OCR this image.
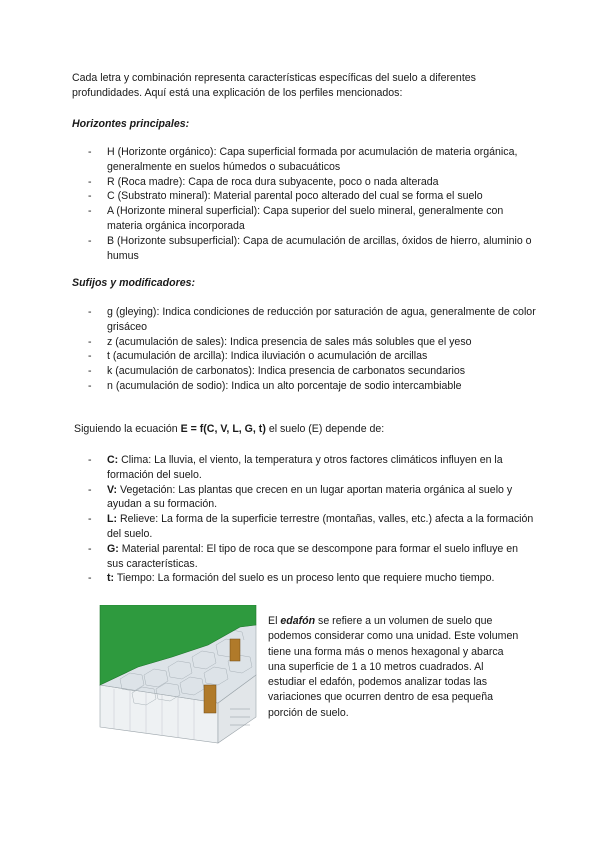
Cada letra y combinación representa características específicas del suelo a diferentes profundidades. Aquí está una explicación de los perfiles mencionados:
Horizontes principales:
- H (Horizonte orgánico): Capa superficial formada por acumulación de materia orgánica, generalmente en suelos húmedos o subacuáticos
- R (Roca madre): Capa de roca dura subyacente, poco o nada alterada
- C (Substrato mineral): Material parental poco alterado del cual se forma el suelo
- A (Horizonte mineral superficial): Capa superior del suelo mineral, generalmente con materia orgánica incorporada
- B (Horizonte subsuperficial): Capa de acumulación de arcillas, óxidos de hierro, aluminio o humus
Sufijos y modificadores:
- g (gleying): Indica condiciones de reducción por saturación de agua, generalmente de color grisáceo
- z (acumulación de sales): Indica presencia de sales más solubles que el yeso
- t (acumulación de arcilla): Indica iluviación o acumulación de arcillas
- k (acumulación de carbonatos): Indica presencia de carbonatos secundarios
- n (acumulación de sodio): Indica un alto porcentaje de sodio intercambiable
Siguiendo la ecuación E = f(C, V, L, G, t) el suelo (E) depende de:
- C: Clima: La lluvia, el viento, la temperatura y otros factores climáticos influyen en la formación del suelo.
- V: Vegetación: Las plantas que crecen en un lugar aportan materia orgánica al suelo y ayudan a su formación.
- L: Relieve: La forma de la superficie terrestre (montañas, valles, etc.) afecta a la formación del suelo.
- G: Material parental: El tipo de roca que se descompone para formar el suelo influye en sus características.
- t: Tiempo: La formación del suelo es un proceso lento que requiere mucho tiempo.
El edafón se refiere a un volumen de suelo que podemos considerar como una unidad. Este volumen tiene una forma más o menos hexagonal y abarca una superficie de 1 a 10 metros cuadrados. Al estudiar el edafón, podemos analizar todas las variaciones que ocurren dentro de esa pequeña porción de suelo.
